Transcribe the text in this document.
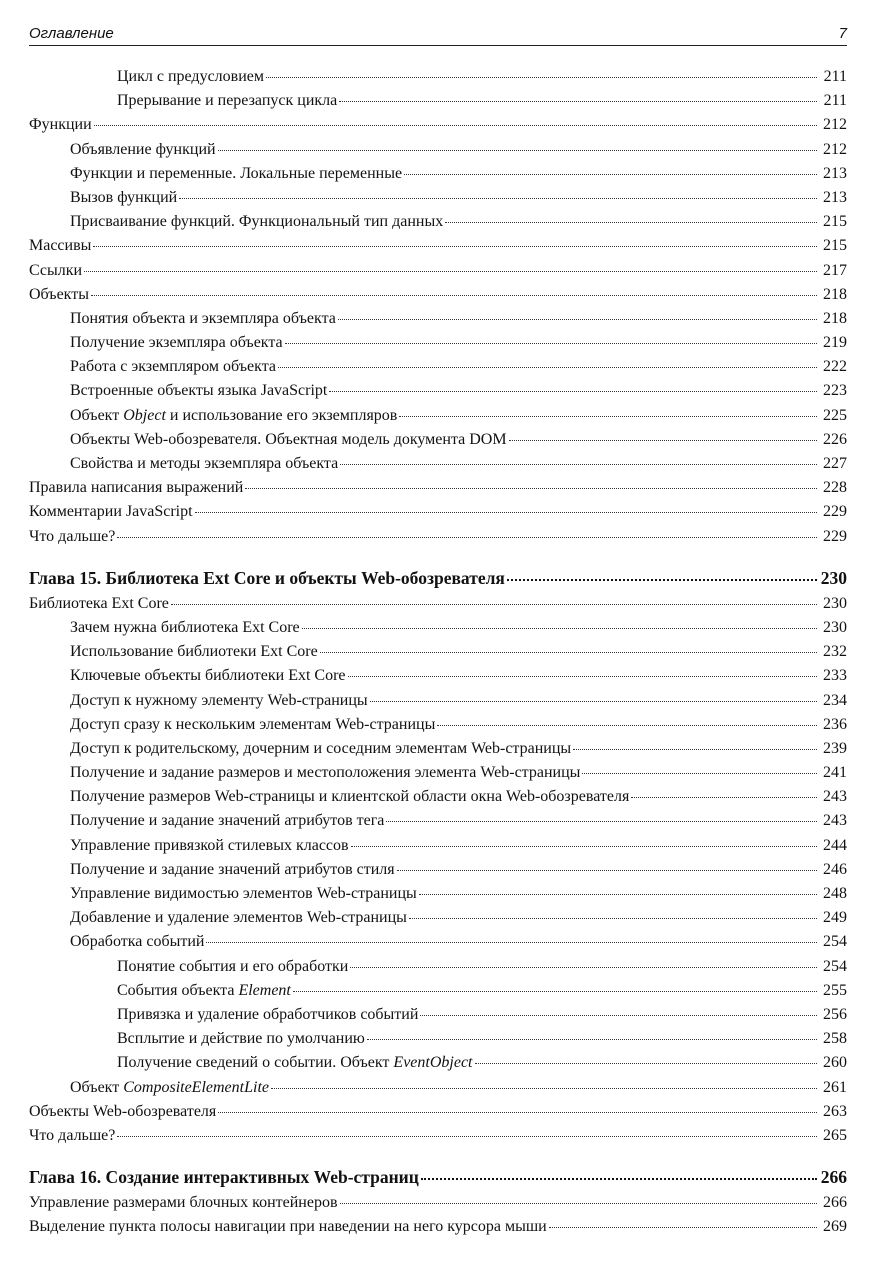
Оглавление	7
Цикл с предусловием	211
Прерывание и перезапуск цикла	211
Функции	212
Объявление функций	212
Функции и переменные. Локальные переменные	213
Вызов функций	213
Присваивание функций. Функциональный тип данных	215
Массивы	215
Ссылки	217
Объекты	218
Понятия объекта и экземпляра объекта	218
Получение экземпляра объекта	219
Работа с экземпляром объекта	222
Встроенные объекты языка JavaScript	223
Объект Object и использование его экземпляров	225
Объекты Web-обозревателя. Объектная модель документа DOM	226
Свойства и методы экземпляра объекта	227
Правила написания выражений	228
Комментарии JavaScript	229
Что дальше?	229
Глава 15. Библиотека Ext Core и объекты Web-обозревателя	230
Библиотека Ext Core	230
Зачем нужна библиотека Ext Core	230
Использование библиотеки Ext Core	232
Ключевые объекты библиотеки Ext Core	233
Доступ к нужному элементу Web-страницы	234
Доступ сразу к нескольким элементам Web-страницы	236
Доступ к родительскому, дочерним и соседним элементам Web-страницы	239
Получение и задание размеров и местоположения элемента Web-страницы	241
Получение размеров Web-страницы и клиентской области окна Web-обозревателя	243
Получение и задание значений атрибутов тега	243
Управление привязкой стилевых классов	244
Получение и задание значений атрибутов стиля	246
Управление видимостью элементов Web-страницы	248
Добавление и удаление элементов Web-страницы	249
Обработка событий	254
Понятие события и его обработки	254
События объекта Element	255
Привязка и удаление обработчиков событий	256
Всплытие и действие по умолчанию	258
Получение сведений о событии. Объект EventObject	260
Объект CompositeElementLite	261
Объекты Web-обозревателя	263
Что дальше?	265
Глава 16. Создание интерактивных Web-страниц	266
Управление размерами блочных контейнеров	266
Выделение пункта полосы навигации при наведении на него курсора мыши	269
